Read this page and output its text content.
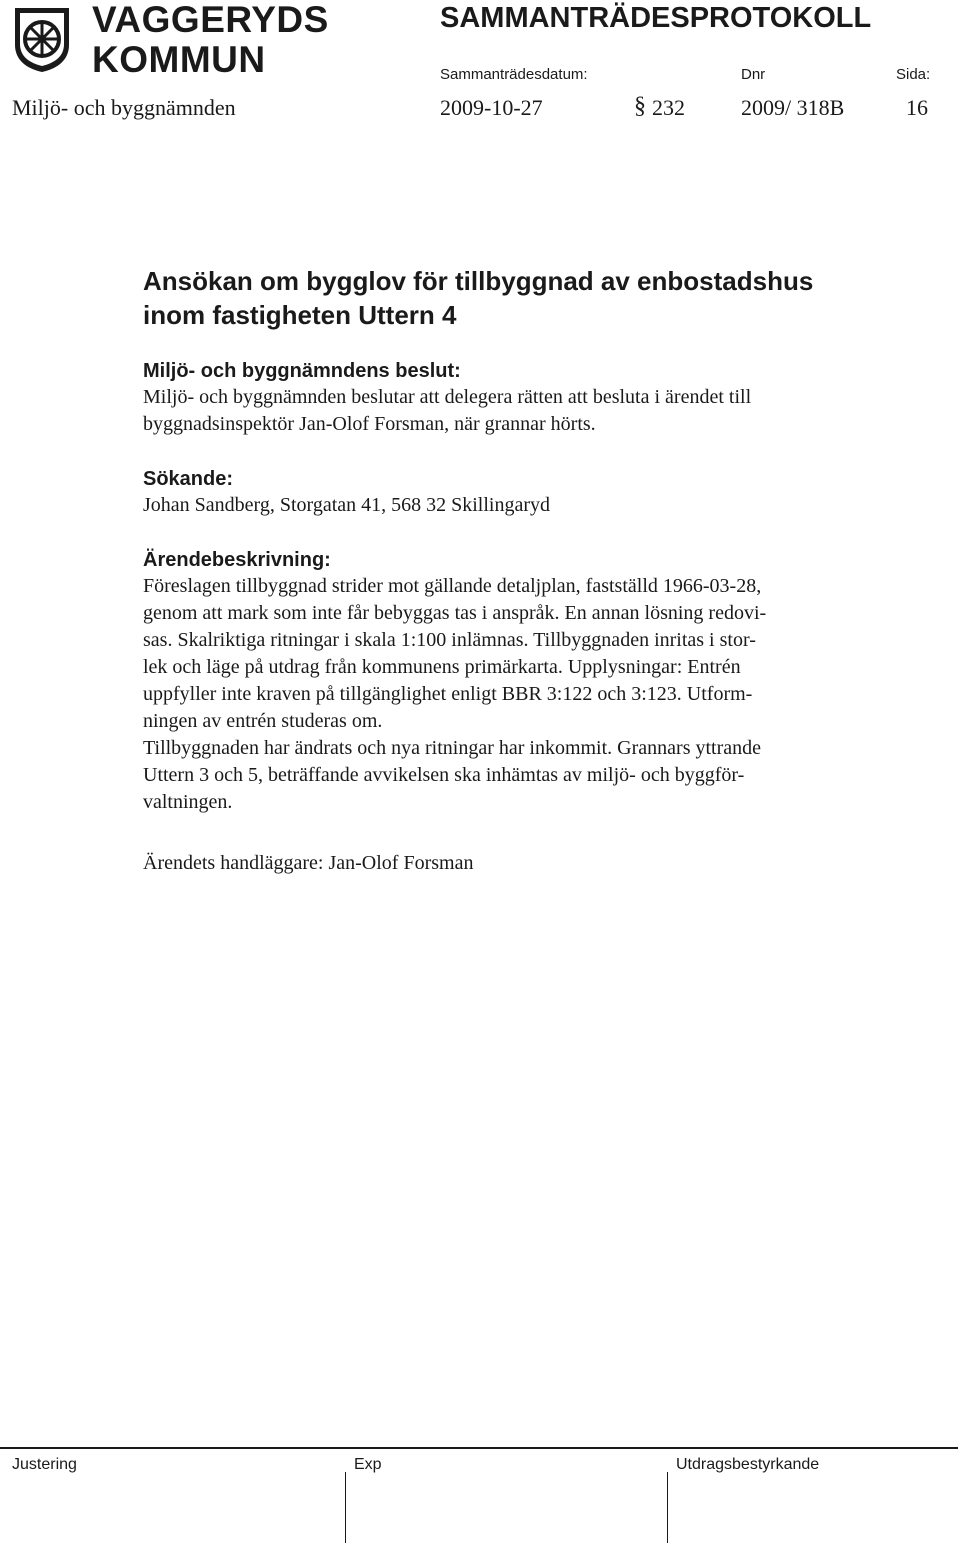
VAGGERYDS
KOMMUN
SAMMANTRÄDESPROTOKOLL
Sammanträdesdatum:	Dnr	Sida:
Miljö- och byggnämnden	2009-10-27	§ 232	2009/ 318B	16
Ansökan om bygglov för tillbyggnad av enbostadshus
inom fastigheten Uttern 4
Miljö- och byggnämndens beslut:

Miljö- och byggnämnden beslutar att delegera rätten att besluta i ärendet till

byggnadsinspektör Jan-Olof Forsman, när grannar hörts.

Sökande:

Johan Sandberg, Storgatan 41, 568 32 Skillingaryd

Ärendebeskrivning:

Föreslagen tillbyggnad strider mot gällande detaljplan, fastställd 1966-03-28,

genom att mark som inte får bebyggas tas i anspråk. En annan lösning redovi-

sas. Skalriktiga ritningar i skala 1:100 inlämnas. Tillbyggnaden inritas i stor-

lek och läge på utdrag från kommunens primärkarta. Upplysningar: Entrén

uppfyller inte kraven på tillgänglighet enligt BBR 3:122 och 3:123. Utform-

ningen av entrén studeras om.

Tillbyggnaden har ändrats och nya ritningar har inkommit. Grannars yttrande

Uttern 3 och 5, beträffande avvikelsen ska inhämtas av miljö- och byggför-

valtningen.

Ärendets handläggare: Jan-Olof Forsman
Justering	Exp	Utdragsbestyrkande
